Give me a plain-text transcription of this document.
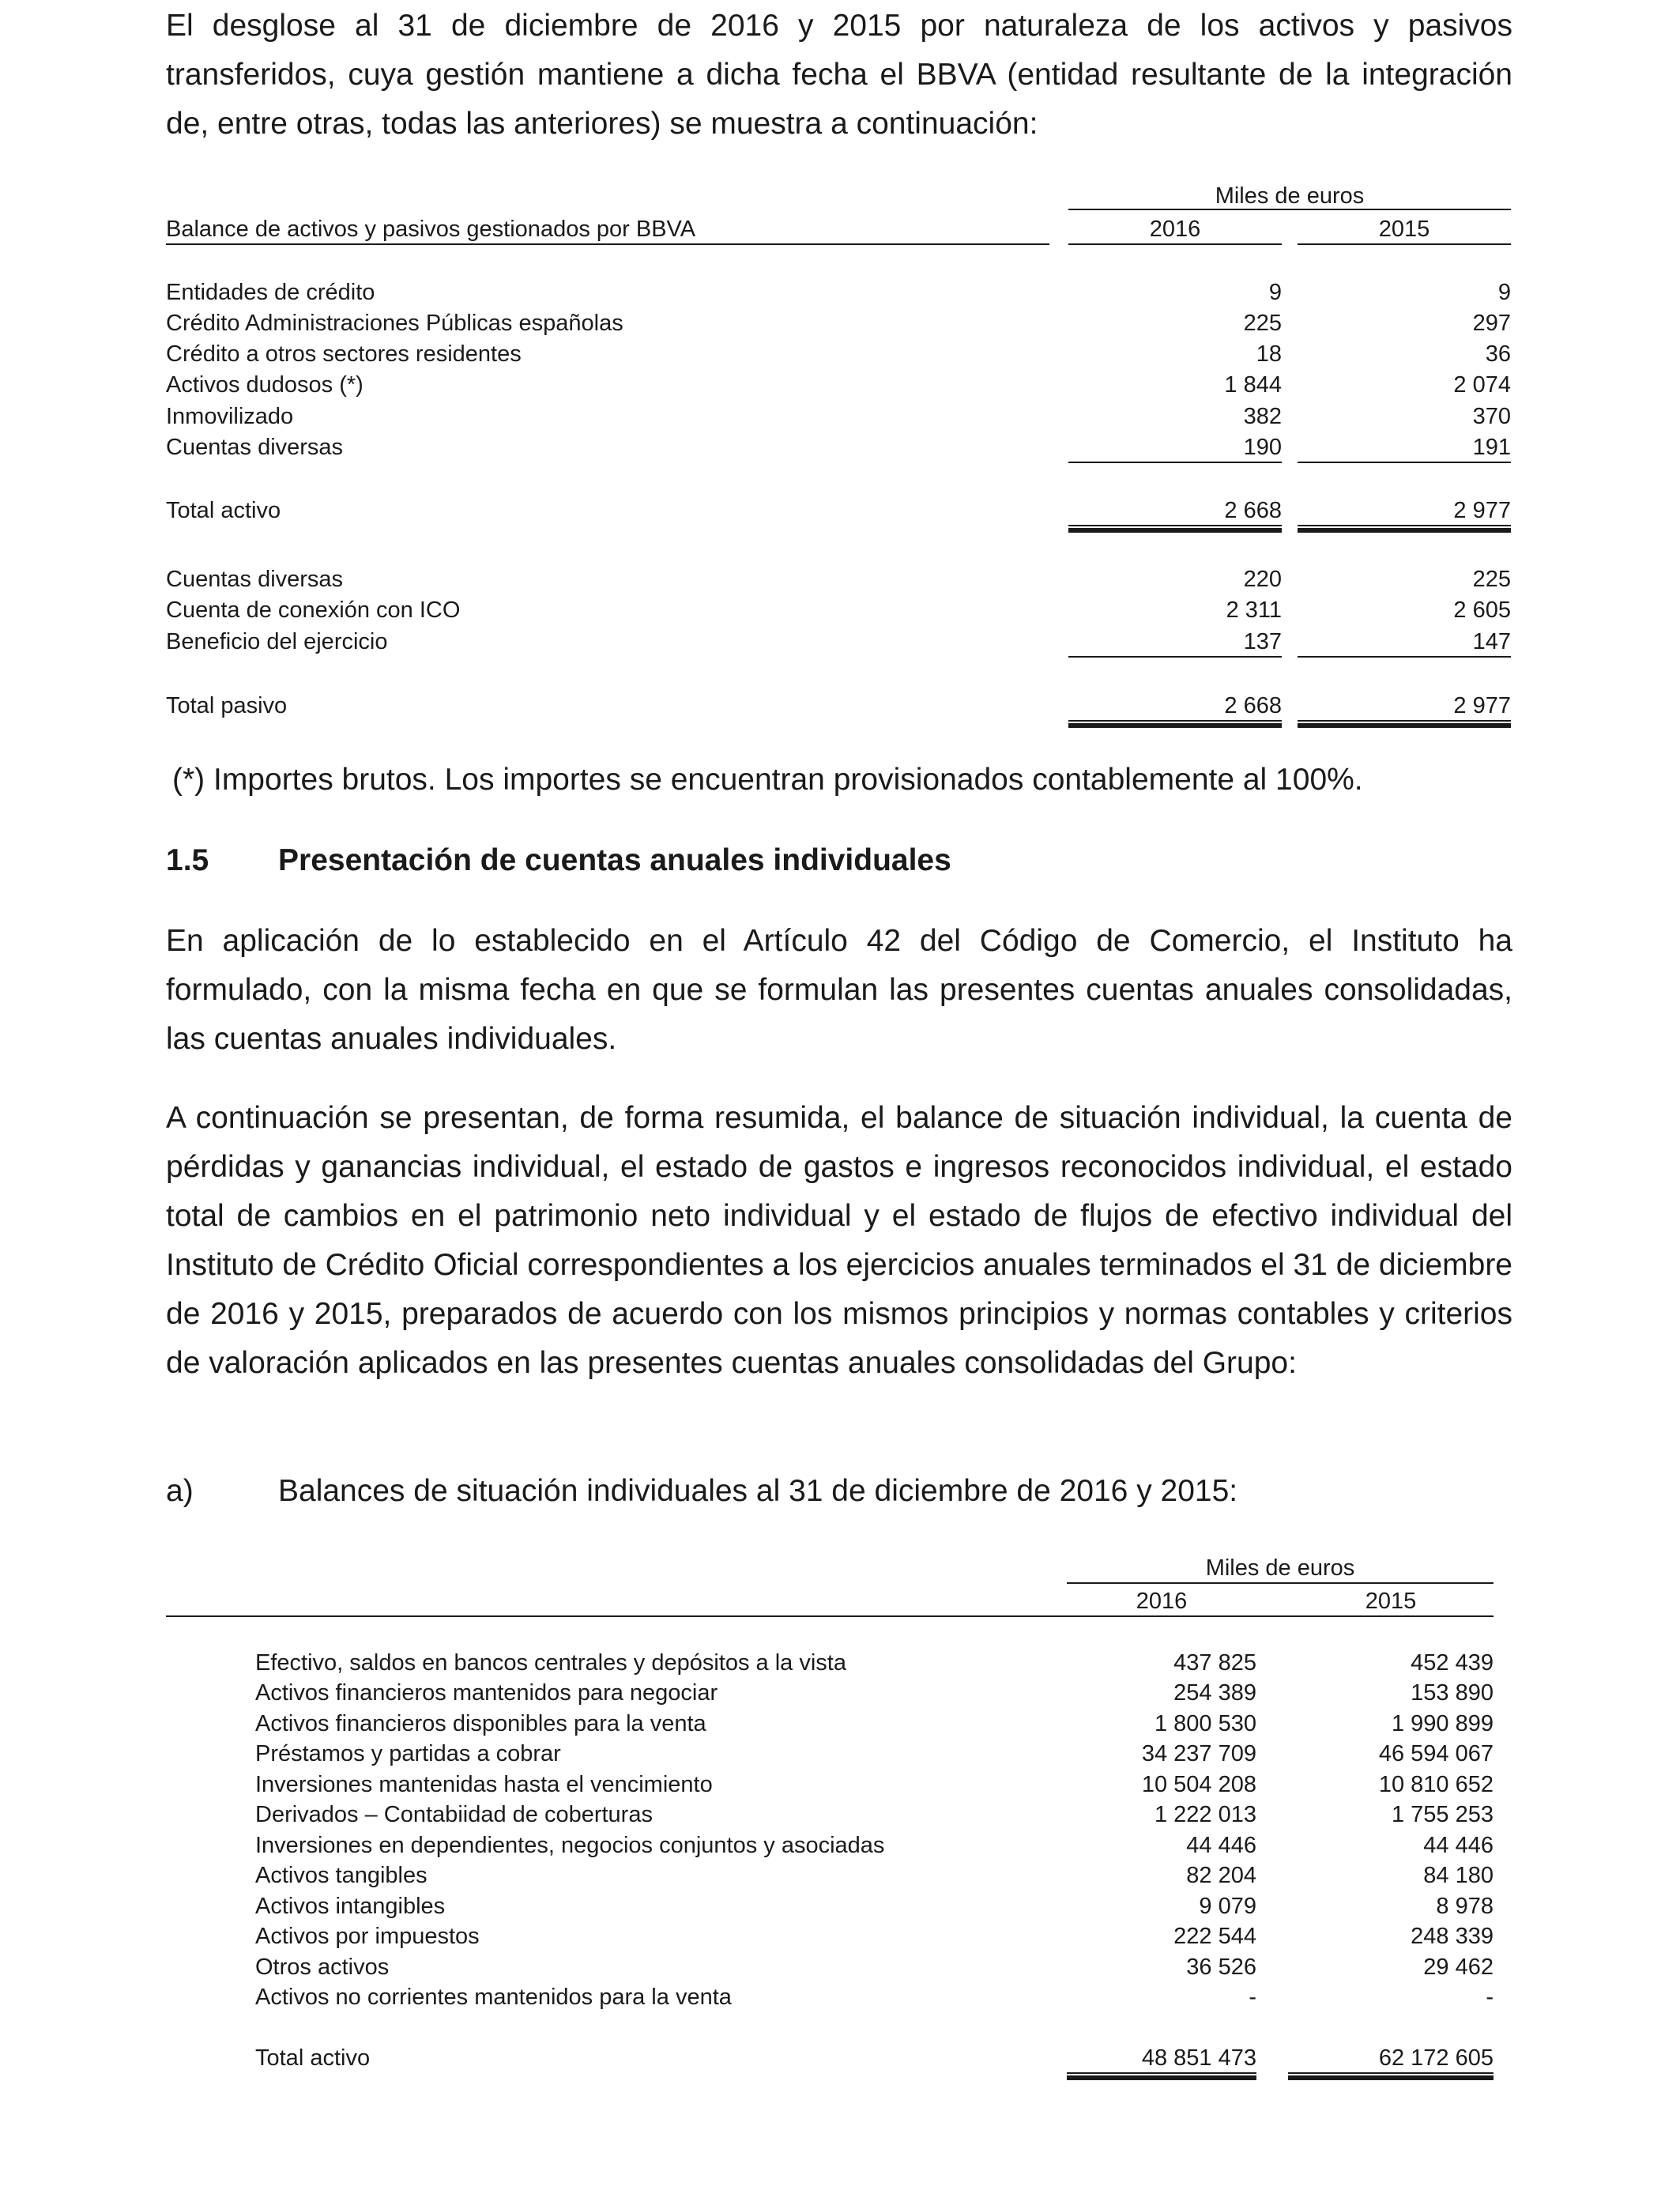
El desglose al 31 de diciembre de 2016 y 2015 por naturaleza de los activos y pasivos transferidos, cuya gestión mantiene a dicha fecha el BBVA (entidad resultante de la integración de, entre otras, todas las anteriores) se muestra a continuación:

Miles de euros
Balance de activos y pasivos gestionados por BBVA	2016	2015
Entidades de crédito	9	9
Crédito Administraciones Públicas españolas	225	297
Crédito a otros sectores residentes	18	36
Activos dudosos (*)	1 844	2 074
Inmovilizado	382	370
Cuentas diversas	190	191
Total activo	2 668	2 977
Cuentas diversas	220	225
Cuenta de conexión con ICO	2 311	2 605
Beneficio del ejercicio	137	147
Total pasivo	2 668	2 977

(*) Importes brutos. Los importes se encuentran provisionados contablemente al 100%.

1.5 Presentación de cuentas anuales individuales

En aplicación de lo establecido en el Artículo 42 del Código de Comercio, el Instituto ha formulado, con la misma fecha en que se formulan las presentes cuentas anuales consolidadas, las cuentas anuales individuales.

A continuación se presentan, de forma resumida, el balance de situación individual, la cuenta de pérdidas y ganancias individual, el estado de gastos e ingresos reconocidos individual, el estado total de cambios en el patrimonio neto individual y el estado de flujos de efectivo individual del Instituto de Crédito Oficial correspondientes a los ejercicios anuales terminados el 31 de diciembre de 2016 y 2015, preparados de acuerdo con los mismos principios y normas contables y criterios de valoración aplicados en las presentes cuentas anuales consolidadas del Grupo:

a)	Balances de situación individuales al 31 de diciembre de 2016 y 2015:

Miles de euros
2016	2015
Efectivo, saldos en bancos centrales y depósitos a la vista	437 825	452 439
Activos financieros mantenidos para negociar	254 389	153 890
Activos financieros disponibles para la venta	1 800 530	1 990 899
Préstamos y partidas a cobrar	34 237 709	46 594 067
Inversiones mantenidas hasta el vencimiento	10 504 208	10 810 652
Derivados – Contabiidad de coberturas	1 222 013	1 755 253
Inversiones en dependientes, negocios conjuntos y asociadas	44 446	44 446
Activos tangibles	82 204	84 180
Activos intangibles	9 079	8 978
Activos por impuestos	222 544	248 339
Otros activos	36 526	29 462
Activos no corrientes mantenidos para la venta	-	-
Total activo	48 851 473	62 172 605
